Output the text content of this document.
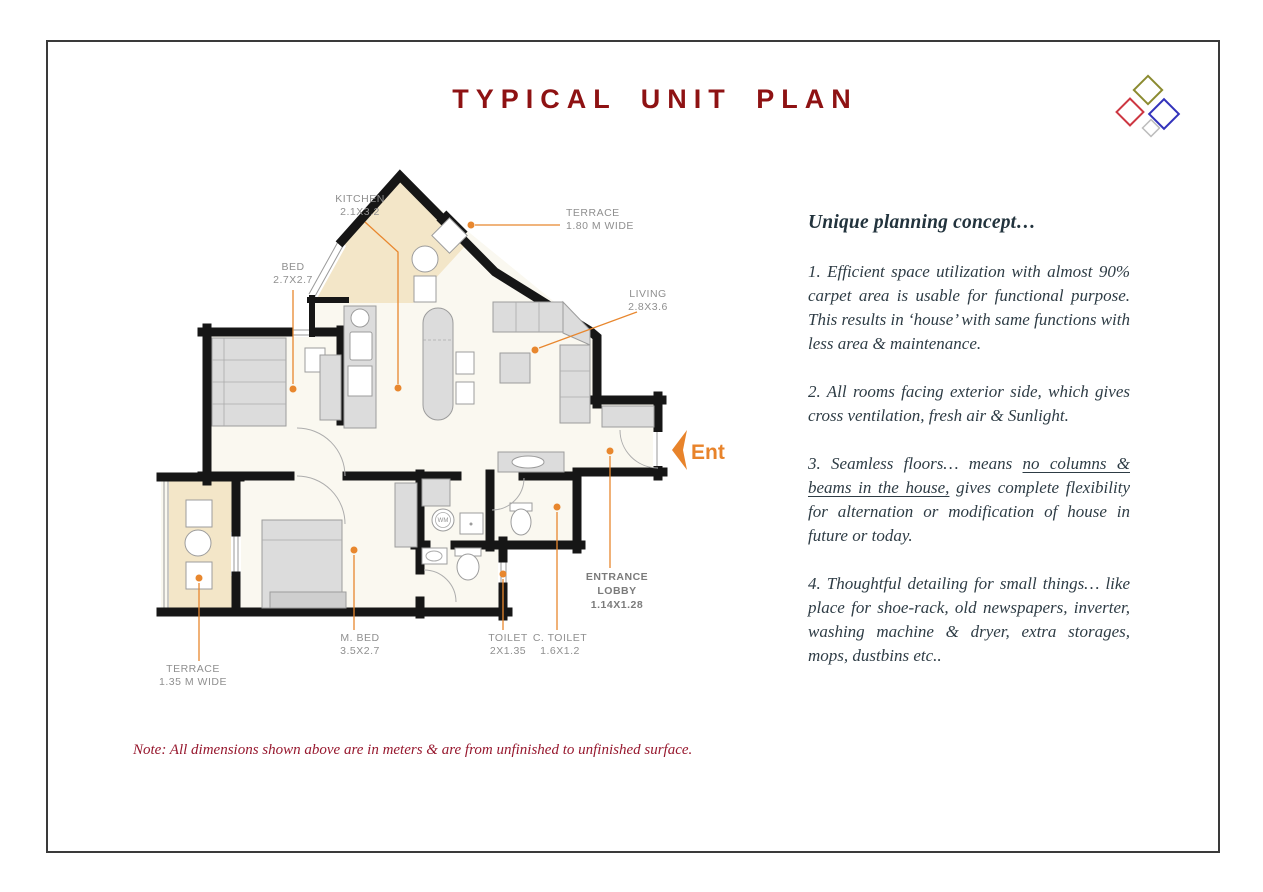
TYPICAL UNIT PLAN
Unique planning concept…

1. Efficient space utilization with almost 90% carpet area is usable for functional purpose. This results in ‘house’ with same functions with less area & maintenance.

2. All rooms facing exterior side, which gives cross ventilation, fresh air & Sunlight.

3. Seamless floors… means no columns & beams in the house, gives complete flexibility for alternation or modification of house in future or today.

4. Thoughtful detailing for small things… like place for shoe-rack, old newspapers, inverter, washing machine & dryer, extra storages, mops, dustbins etc..

Note: All dimensions shown above are in meters & are from unfinished to unfinished surface.
WM
KITCHEN
2.1X3.2	TERRACE
1.80 M WIDE
BED
2.7X2.7
LIVING
2.8X3.6
ENTRANCE
LOBBY
1.14X1.28
M. BED
3.5X2.7
TOILET
2X1.35
C. TOILET
1.6X1.2
TERRACE
1.35 M WIDE
Ent
